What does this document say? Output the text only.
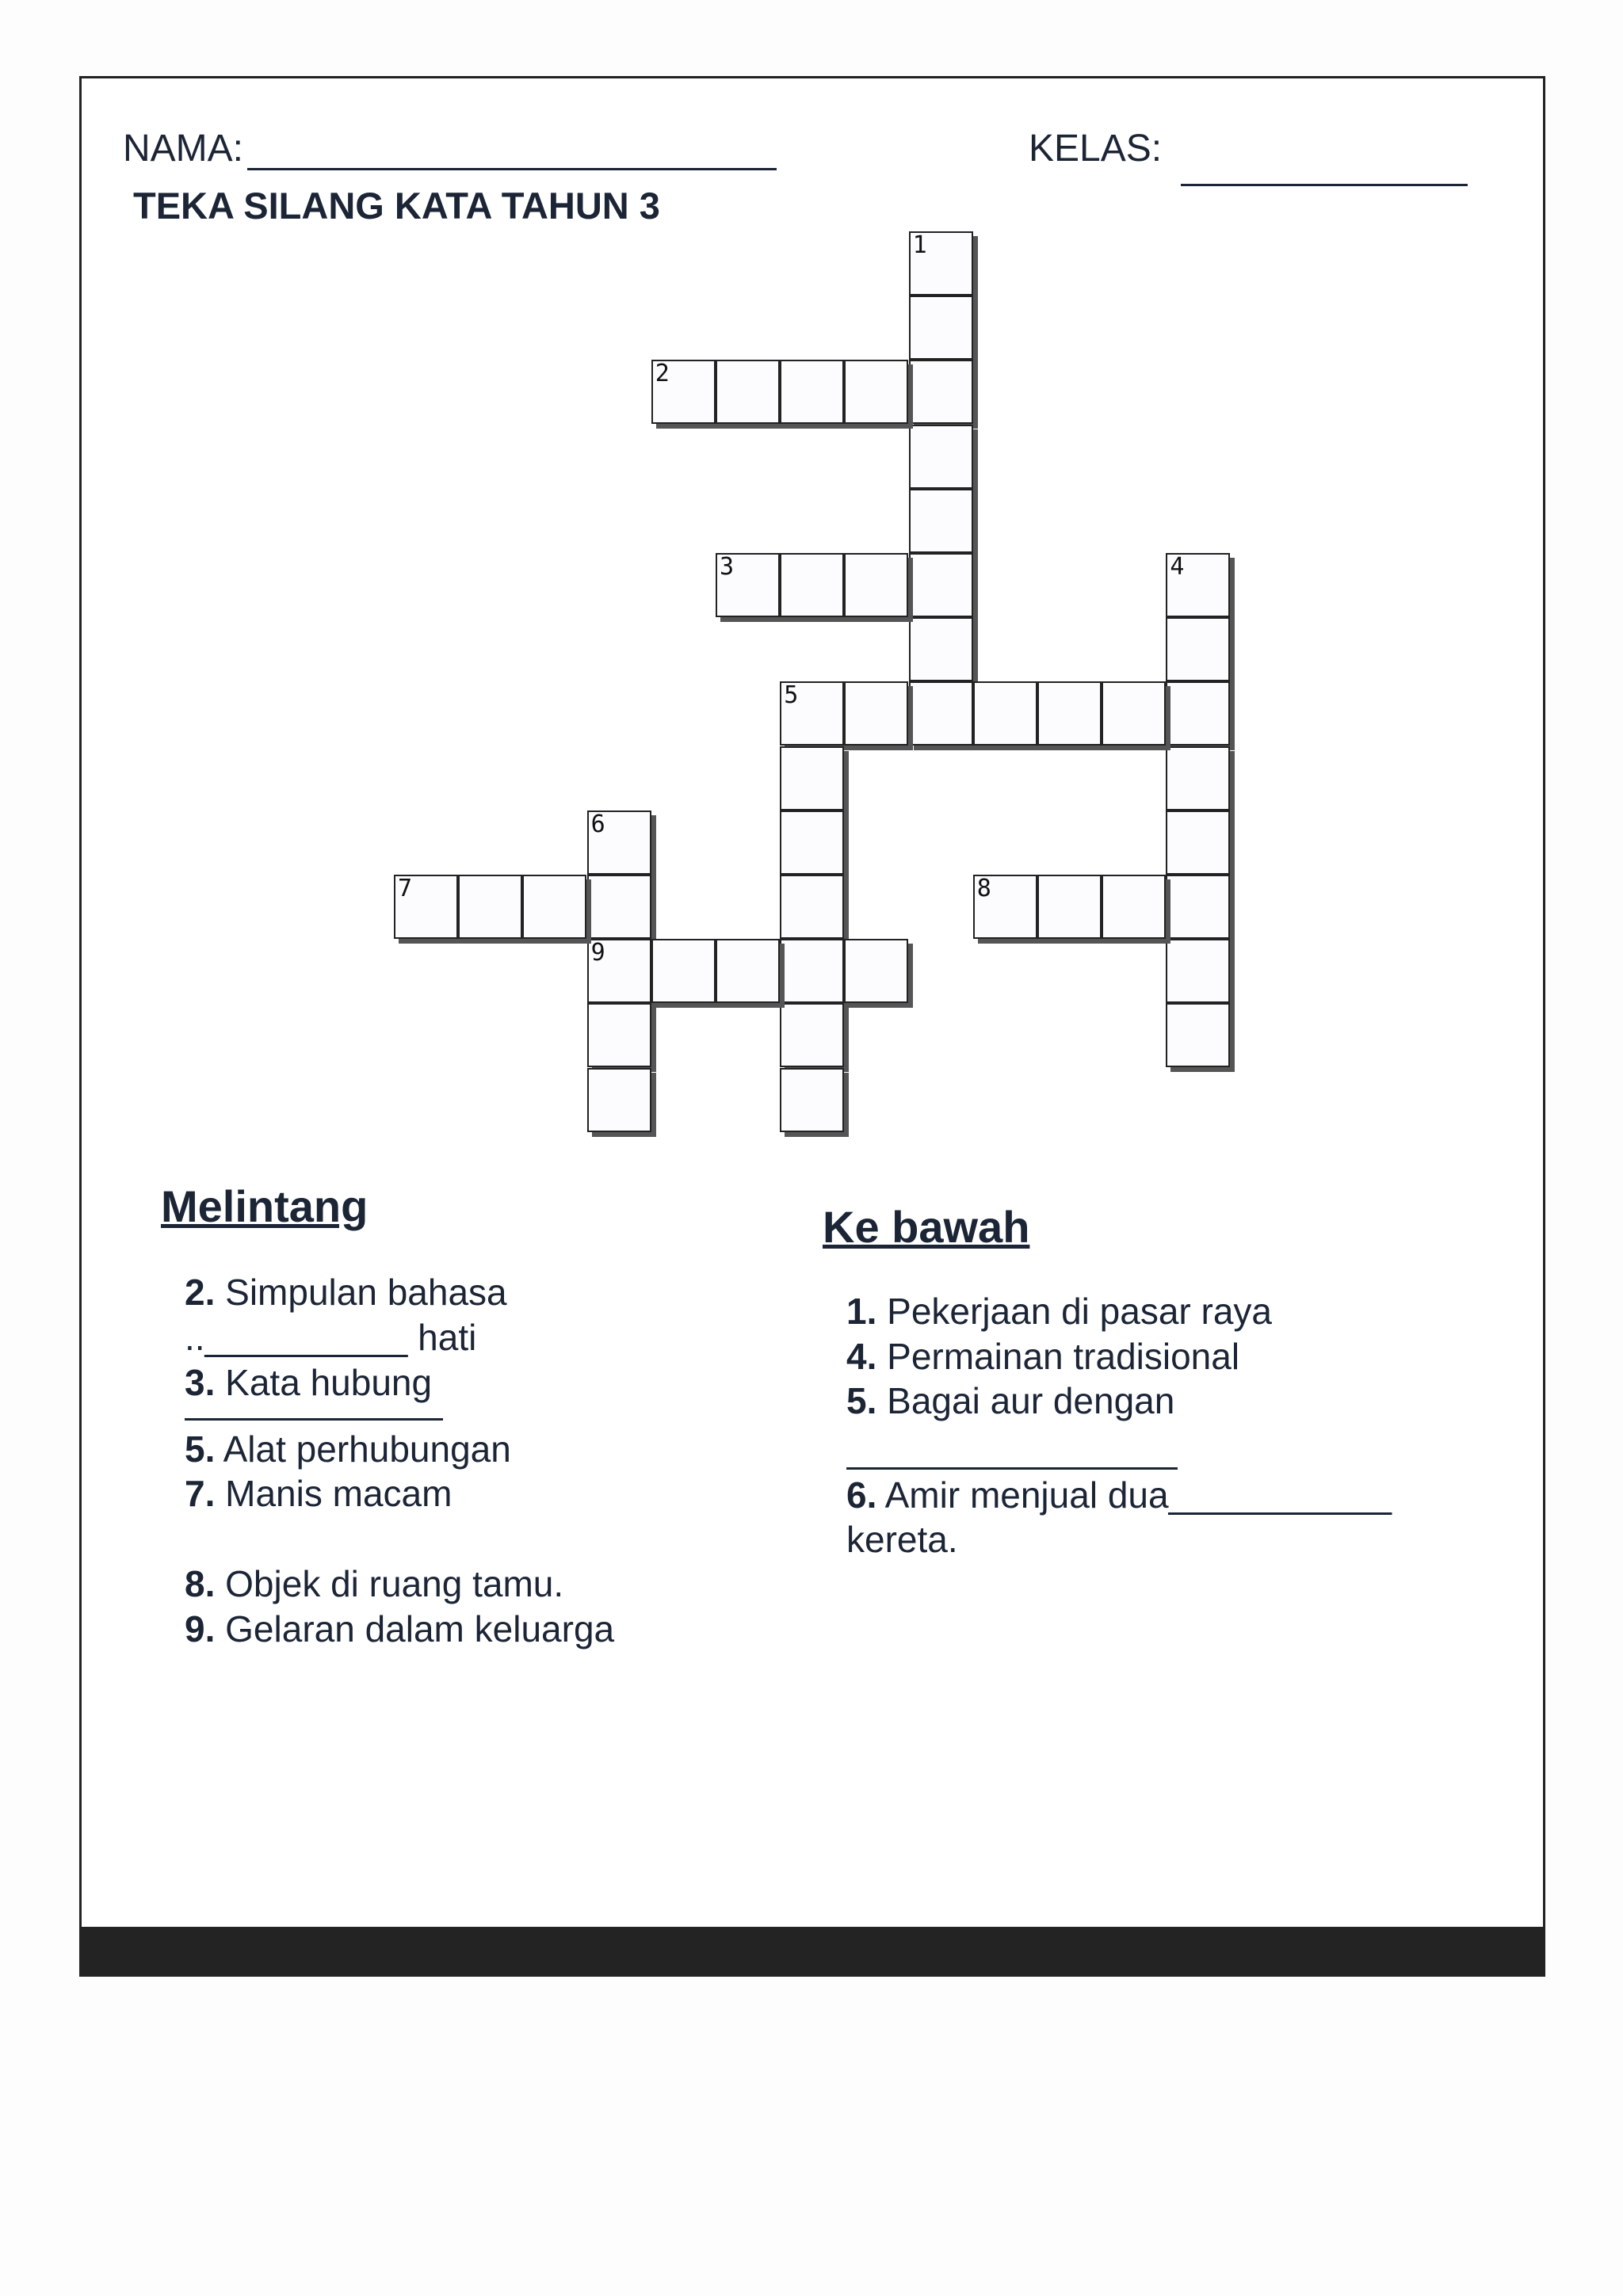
NAMA:	KELAS:
TEKA SILANG KATA TAHUN 3
1
2
3	4
5
6
9
7	8
Melintang
2. Simpulan bahasa
..__________ hati
3. Kata hubung
5. Alat perhubungan
7. Manis macam
8. Objek di ruang tamu.
9. Gelaran dalam keluarga
Ke bawah
1. Pekerjaan di pasar raya
4. Permainan tradisional
5. Bagai aur dengan
6. Amir menjual dua___________
kereta.
